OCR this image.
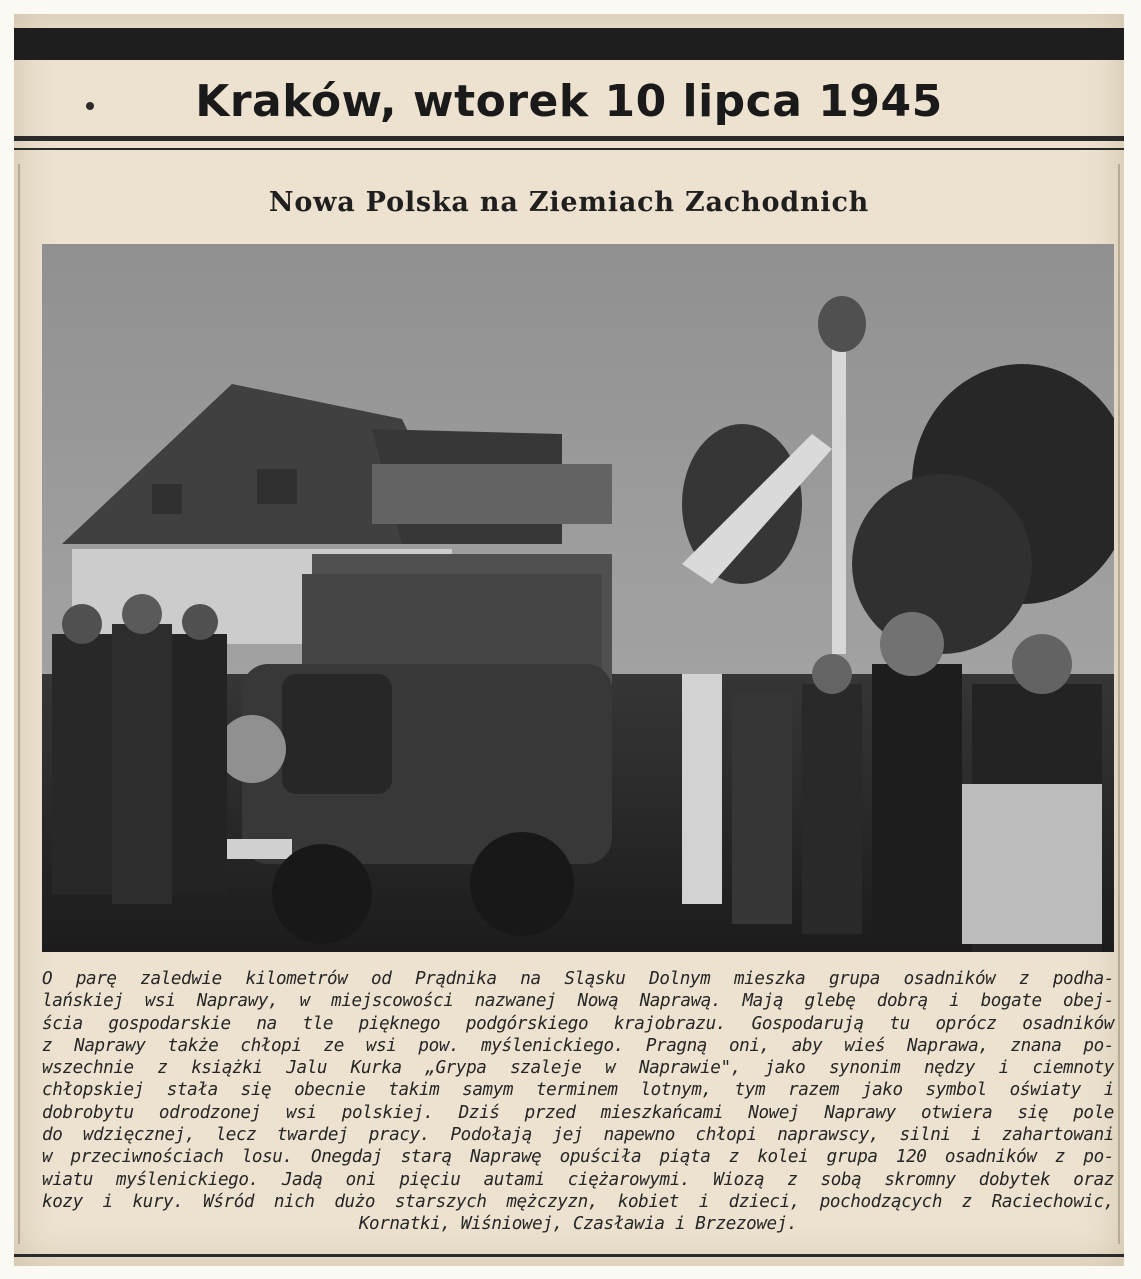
Kraków, wtorek 10 lipca 1945
Nowa Polska na Ziemiach Zachodnich
O parę zaledwie kilometrów od Prądnika na Sląsku Dolnym mieszka grupa osadników z podha-
lańskiej wsi Naprawy, w miejscowości nazwanej Nową Naprawą. Mają glebę dobrą i bogate obej-
ścia gospodarskie na tle pięknego podgórskiego krajobrazu. Gospodarują tu oprócz osadników
z Naprawy także chłopi ze wsi pow. myślenickiego. Pragną oni, aby wieś Naprawa, znana po-
wszechnie z książki Jalu Kurka „Grypa szaleje w Naprawie", jako synonim nędzy i ciemnoty
chłopskiej stała się obecnie takim samym terminem lotnym, tym razem jako symbol oświaty i
dobrobytu odrodzonej wsi polskiej. Dziś przed mieszkańcami Nowej Naprawy otwiera się pole
do wdzięcznej, lecz twardej pracy. Podołają jej napewno chłopi naprawscy, silni i zahartowani
w przeciwnościach losu. Onegdaj starą Naprawę opuściła piąta z kolei grupa 120 osadników z po-
wiatu myślenickiego. Jadą oni pięciu autami ciężarowymi. Wiozą z sobą skromny dobytek oraz
kozy i kury. Wśród nich dużo starszych mężczyzn, kobiet i dzieci, pochodzących z Raciechowic,
Kornatki, Wiśniowej, Czasławia i Brzezowej.
